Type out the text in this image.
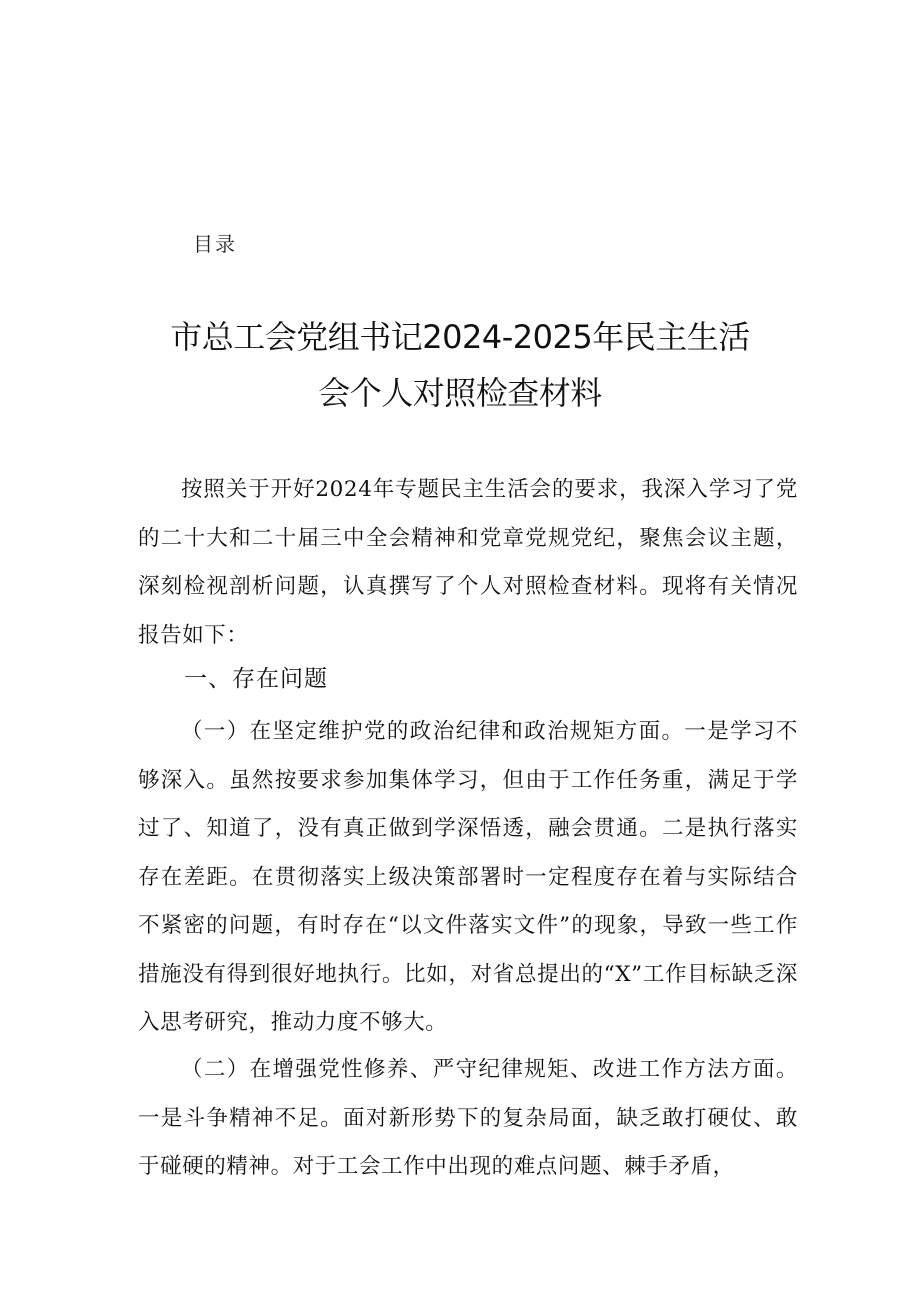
目录
市总工会党组书记2024-2025年民主生活
会个人对照检查材料

按照关于开好2024年专题民主生活会的要求，我深入学习了党的二十大和二十届三中全会精神和党章党规党纪，聚焦会议主题，深刻检视剖析问题，认真撰写了个人对照检查材料。现将有关情况报告如下：

一、存在问题

（一）在坚定维护党的政治纪律和政治规矩方面。一是学习不够深入。虽然按要求参加集体学习，但由于工作任务重，满足于学过了、知道了，没有真正做到学深悟透，融会贯通。二是执行落实存在差距。在贯彻落实上级决策部署时一定程度存在着与实际结合不紧密的问题，有时存在“以文件落实文件”的现象，导致一些工作措施没有得到很好地执行。比如，对省总提出的“X”工作目标缺乏深入思考研究，推动力度不够大。

（二）在增强党性修养、严守纪律规矩、改进工作方法方面。一是斗争精神不足。面对新形势下的复杂局面，缺乏敢打硬仗、敢于碰硬的精神。对于工会工作中出现的难点问题、棘手矛盾，
